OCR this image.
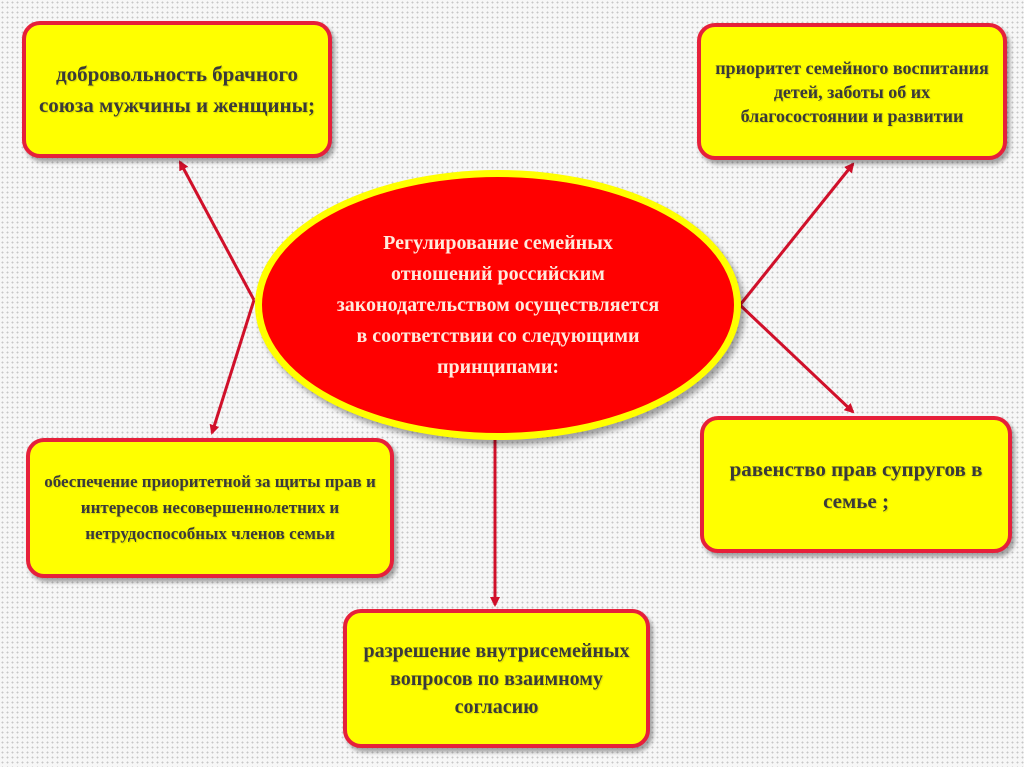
добровольность брачного союза мужчины и женщины;
приоритет семейного воспитания детей, заботы об их благосостоянии и развитии
обеспечение приоритетной за щиты прав и интересов несовершеннолетних и нетрудоспособных членов семьи
равенство прав супругов в семье ;
разрешение внутрисемейных вопросов по взаимному согласию
Регулирование семейных отношений российским законодательством осуществляется в соответствии со следующими принципами:
